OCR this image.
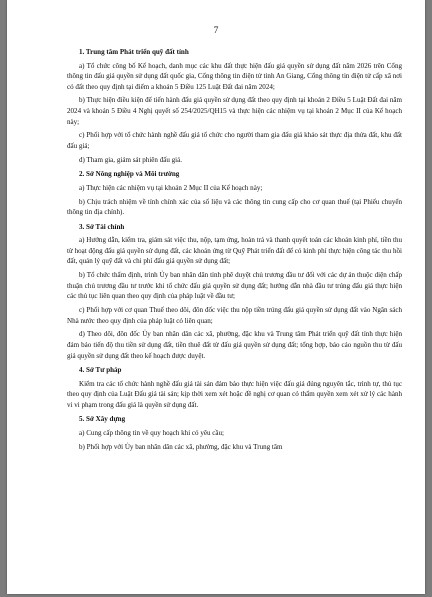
7

1. Trung tâm Phát triển quỹ đất tỉnh

a) Tổ chức công bố Kế hoạch, danh mục các khu đất thực hiện đấu giá quyền sử dụng đất năm 2026 trên Cổng thông tin đấu giá quyền sử dụng đất quốc gia, Cổng thông tin điện tử tỉnh An Giang, Cổng thông tin điện tử cấp xã nơi có đất theo quy định tại điểm a khoản 5 Điều 125 Luật Đất đai năm 2024;

b) Thực hiện điều kiện để tiến hành đấu giá quyền sử dụng đất theo quy định tại khoản 2 Điều 5 Luật Đất đai năm 2024 và khoản 5 Điều 4 Nghị quyết số 254/2025/QH15 và thực hiện các nhiệm vụ tại khoản 2 Mục II của Kế hoạch này;

c) Phối hợp với tổ chức hành nghề đấu giá tổ chức cho người tham gia đấu giá khảo sát thực địa thửa đất, khu đất đấu giá;

d) Tham gia, giám sát phiên đấu giá.

2. Sở Nông nghiệp và Môi trường

a) Thực hiện các nhiệm vụ tại khoản 2 Mục II của Kế hoạch này;

b) Chịu trách nhiệm về tính chính xác của số liệu và các thông tin cung cấp cho cơ quan thuế (tại Phiếu chuyển thông tin địa chính).

3. Sở Tài chính

a) Hướng dẫn, kiểm tra, giám sát việc thu, nộp, tạm ứng, hoàn trả và thanh quyết toán các khoản kinh phí, tiền thu từ hoạt động đấu giá quyền sử dụng đất, các khoản ứng từ Quỹ Phát triển đất để có kinh phí thực hiện công tác thu hồi đất, quản lý quỹ đất và chi phí đấu giá quyền sử dụng đất;

b) Tổ chức thẩm định, trình Ủy ban nhân dân tỉnh phê duyệt chủ trương đầu tư đối với các dự án thuộc diện chấp thuận chủ trương đầu tư trước khi tổ chức đấu giá quyền sử dụng đất; hướng dẫn nhà đầu tư trúng đấu giá thực hiện các thủ tục liên quan theo quy định của pháp luật về đầu tư;

c) Phối hợp với cơ quan Thuế theo dõi, đôn đốc việc thu nộp tiền trúng đấu giá quyền sử dụng đất vào Ngân sách Nhà nước theo quy định của pháp luật có liên quan;

d) Theo dõi, đôn đốc Ủy ban nhân dân các xã, phường, đặc khu và Trung tâm Phát triển quỹ đất tỉnh thực hiện đảm bảo tiến độ thu tiền sử dụng đất, tiền thuê đất từ đấu giá quyền sử dụng đất; tổng hợp, báo cáo nguồn thu từ đấu giá quyền sử dụng đất theo kế hoạch được duyệt.

4. Sở Tư pháp

Kiểm tra các tổ chức hành nghề đấu giá tài sản đảm bảo thực hiện việc đấu giá đúng nguyên tắc, trình tự, thủ tục theo quy định của Luật Đấu giá tài sản; kịp thời xem xét hoặc đề nghị cơ quan có thẩm quyền xem xét xử lý các hành vi vi phạm trong đấu giá là quyền sử dụng đất.

5. Sở Xây dựng

a) Cung cấp thông tin về quy hoạch khi có yêu cầu;

b) Phối hợp với Ủy ban nhân dân các xã, phường, đặc khu và Trung tâm
